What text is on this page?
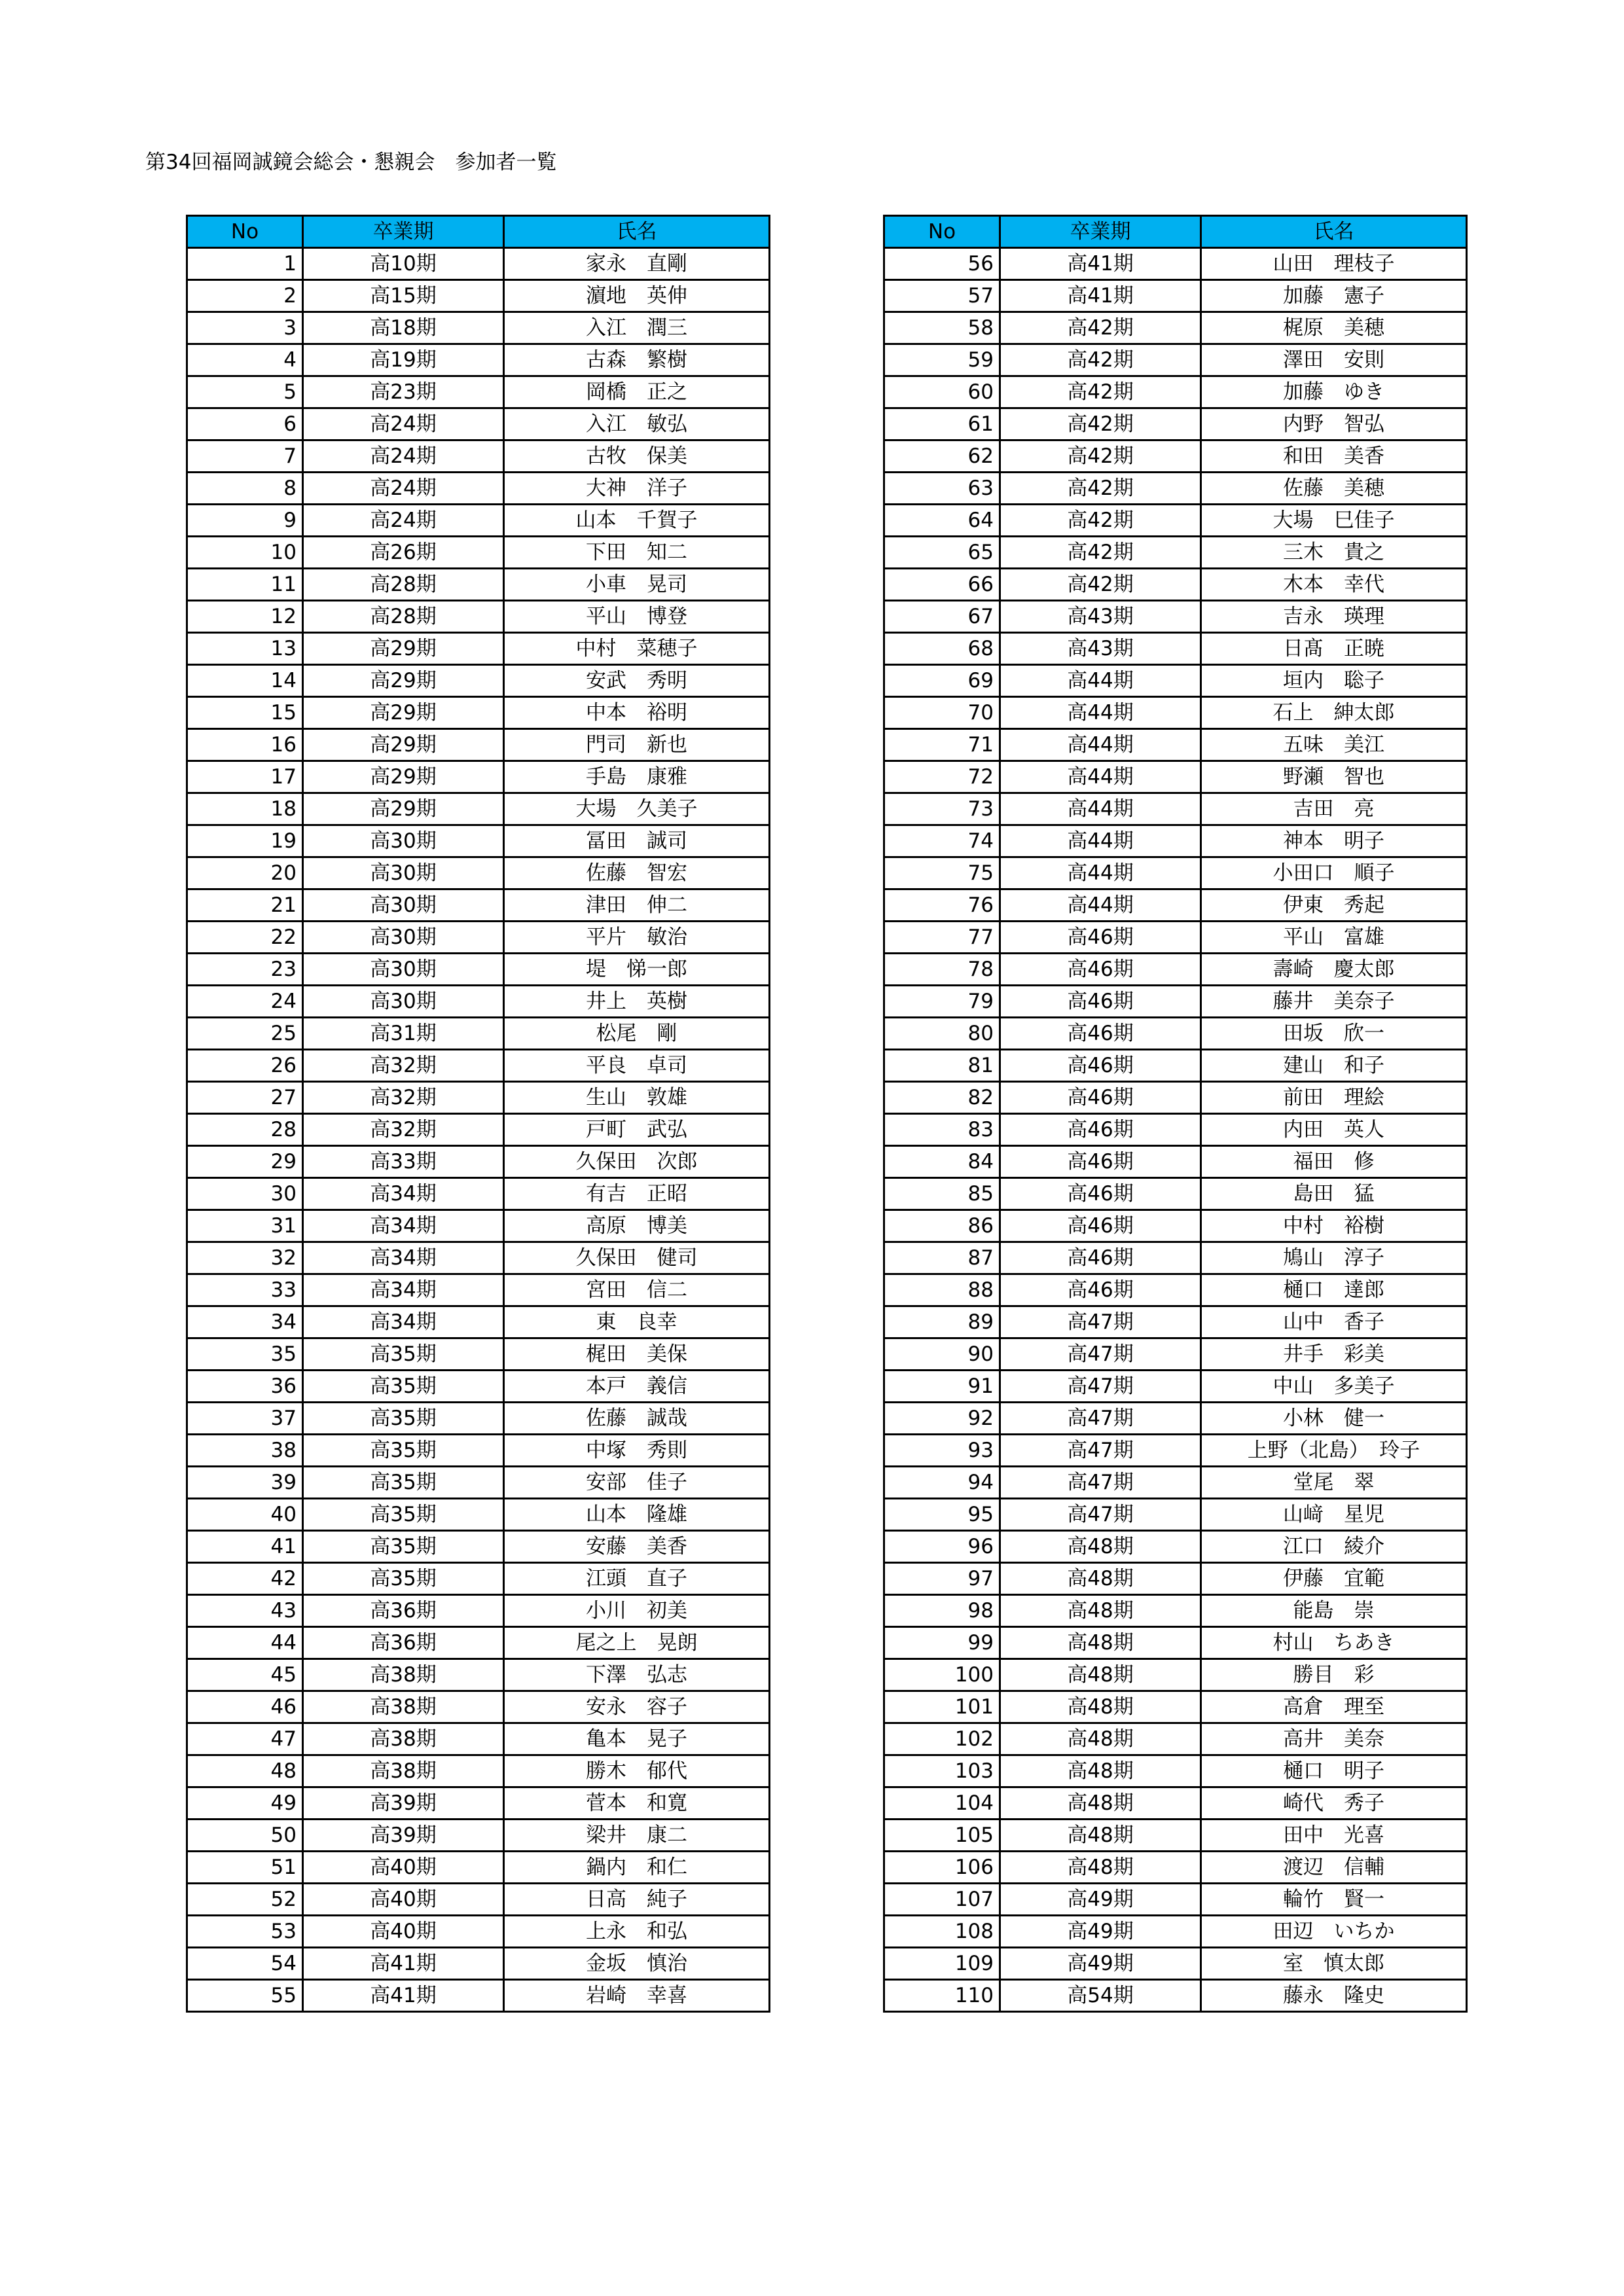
第34回福岡誠鏡会総会・懇親会　参加者一覧
No	卒業期	氏名
1	高10期	家永　直剛
2	高15期	濵地　英伸
3	高18期	入江　潤三
4	高19期	古森　繁樹
5	高23期	岡橋　正之
6	高24期	入江　敏弘
7	高24期	古牧　保美
8	高24期	大神　洋子
9	高24期	山本　千賀子
10	高26期	下田　知二
11	高28期	小車　晃司
12	高28期	平山　博登
13	高29期	中村　菜穂子
14	高29期	安武　秀明
15	高29期	中本　裕明
16	高29期	門司　新也
17	高29期	手島　康雅
18	高29期	大場　久美子
19	高30期	冨田　誠司
20	高30期	佐藤　智宏
21	高30期	津田　伸二
22	高30期	平片　敏治
23	高30期	堤　悌一郎
24	高30期	井上　英樹
25	高31期	松尾　剛
26	高32期	平良　卓司
27	高32期	生山　敦雄
28	高32期	戸町　武弘
29	高33期	久保田　次郎
30	高34期	有吉　正昭
31	高34期	高原　博美
32	高34期	久保田　健司
33	高34期	宮田　信二
34	高34期	東　良幸
35	高35期	梶田　美保
36	高35期	本戸　義信
37	高35期	佐藤　誠哉
38	高35期	中塚　秀則
39	高35期	安部　佳子
40	高35期	山本　隆雄
41	高35期	安藤　美香
42	高35期	江頭　直子
43	高36期	小川　初美
44	高36期	尾之上　晃朗
45	高38期	下澤　弘志
46	高38期	安永　容子
47	高38期	亀本　晃子
48	高38期	勝木　郁代
49	高39期	菅本　和寛
50	高39期	梁井　康二
51	高40期	鍋内　和仁
52	高40期	日高　純子
53	高40期	上永　和弘
54	高41期	金坂　慎治
55	高41期	岩崎　幸喜
No	卒業期	氏名
56	高41期	山田　理枝子
57	高41期	加藤　憲子
58	高42期	梶原　美穂
59	高42期	澤田　安則
60	高42期	加藤　ゆき
61	高42期	内野　智弘
62	高42期	和田　美香
63	高42期	佐藤　美穂
64	高42期	大場　巳佳子
65	高42期	三木　貴之
66	高42期	木本　幸代
67	高43期	吉永　瑛理
68	高43期	日髙　正暁
69	高44期	垣内　聡子
70	高44期	石上　紳太郎
71	高44期	五味　美江
72	高44期	野瀬　智也
73	高44期	吉田　亮
74	高44期	神本　明子
75	高44期	小田口　順子
76	高44期	伊東　秀起
77	高46期	平山　富雄
78	高46期	壽崎　慶太郎
79	高46期	藤井　美奈子
80	高46期	田坂　欣一
81	高46期	建山　和子
82	高46期	前田　理絵
83	高46期	内田　英人
84	高46期	福田　修
85	高46期	島田　猛
86	高46期	中村　裕樹
87	高46期	鳩山　淳子
88	高46期	樋口　達郎
89	高47期	山中　香子
90	高47期	井手　彩美
91	高47期	中山　多美子
92	高47期	小林　健一
93	高47期	上野（北島）　玲子
94	高47期	堂尾　翠
95	高47期	山﨑　星児
96	高48期	江口　綾介
97	高48期	伊藤　宜範
98	高48期	能島　崇
99	高48期	村山　ちあき
100	高48期	勝目　彩
101	高48期	高倉　理至
102	高48期	高井　美奈
103	高48期	樋口　明子
104	高48期	崎代　秀子
105	高48期	田中　光喜
106	高48期	渡辺　信輔
107	高49期	輪竹　賢一
108	高49期	田辺　いちか
109	高49期	室　慎太郎
110	高54期	藤永　隆史
